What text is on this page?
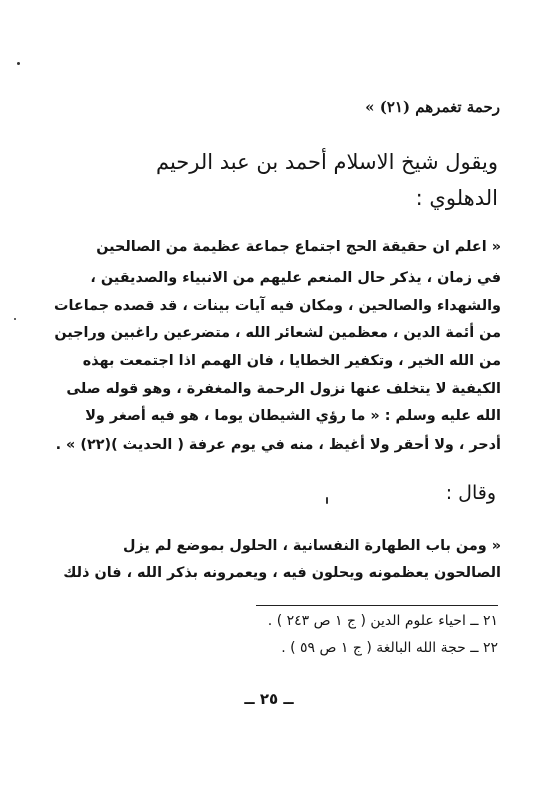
رحمة تغمرهم (٢١) »
ويقول شيخ الاسلام أحمد بن عبد الرحيم
الدهلوي :
« اعلم ان حقيقة الحج اجتماع جماعة عظيمة من الصالحين
في زمان ، يذكر حال المنعم عليهم من الانبياء والصديقين ،
والشهداء والصالحين ، ومكان فيه آيات بينات ، قد قصده جماعات
من أئمة الدين ، معظمين لشعائر الله ، متضرعين راغبين وراجين
من الله الخير ، وتكفير الخطايا ، فان الهمم اذا اجتمعت بهذه
الكيفية لا يتخلف عنها نزول الرحمة والمغفرة ، وهو قوله صلى
الله عليه وسلم : « ما رؤي الشيطان يوما ، هو فيه أصغر ولا
أدحر ، ولا أحقر ولا أغيظ ، منه في يوم عرفة ( الحديث )(٢٢) » .
وقال :
« ومن باب الطهارة النفسانية ، الحلول بموضع لم يزل
الصالحون يعظمونه ويحلون فيه ، ويعمرونه بذكر الله ، فان ذلك
٢١ ــ احياء علوم الدين ( ج ١ ص ٢٤٣ ) .
٢٢ ــ حجة الله البالغة ( ج ١ ص ٥٩ ) .
ــ ٢٥ ــ
